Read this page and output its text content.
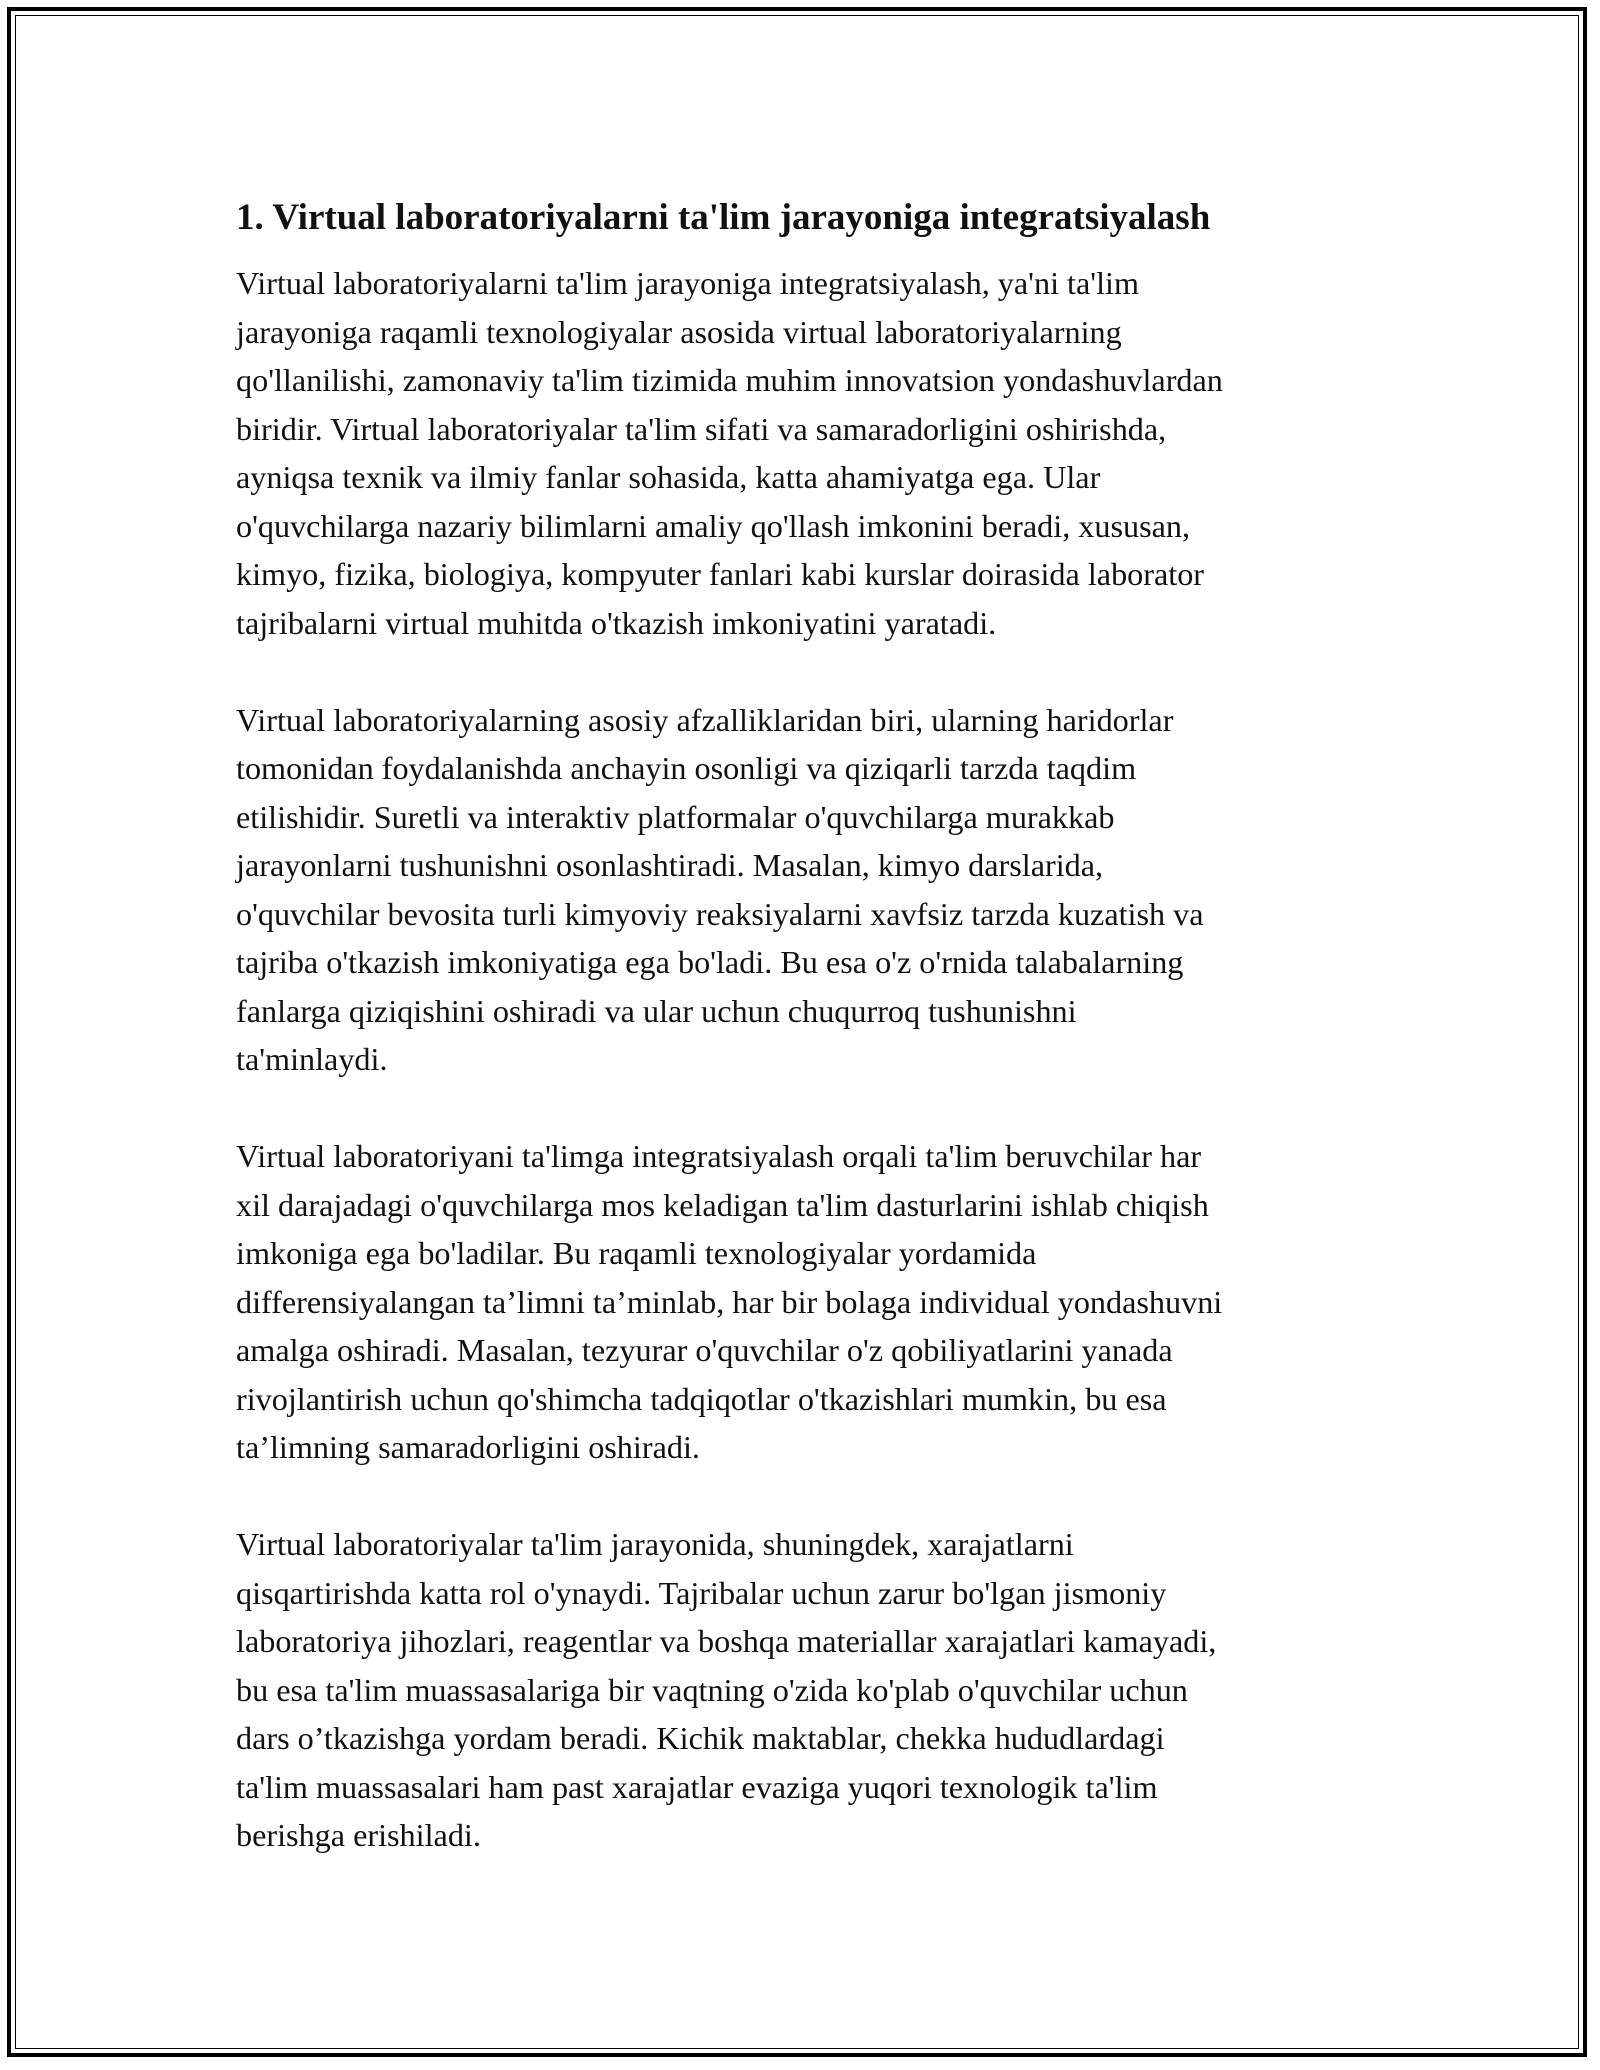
1. Virtual laboratoriyalarni ta'lim jarayoniga integratsiyalash
Virtual laboratoriyalarni ta'lim jarayoniga integratsiyalash, ya'ni ta'lim
jarayoniga raqamli texnologiyalar asosida virtual laboratoriyalarning
qo'llanilishi, zamonaviy ta'lim tizimida muhim innovatsion yondashuvlardan
biridir. Virtual laboratoriyalar ta'lim sifati va samaradorligini oshirishda,
ayniqsa texnik va ilmiy fanlar sohasida, katta ahamiyatga ega. Ular
o'quvchilarga nazariy bilimlarni amaliy qo'llash imkonini beradi, xususan,
kimyo, fizika, biologiya, kompyuter fanlari kabi kurslar doirasida laborator
tajribalarni virtual muhitda o'tkazish imkoniyatini yaratadi.
Virtual laboratoriyalarning asosiy afzalliklaridan biri, ularning haridorlar
tomonidan foydalanishda anchayin osonligi va qiziqarli tarzda taqdim
etilishidir. Suretli va interaktiv platformalar o'quvchilarga murakkab
jarayonlarni tushunishni osonlashtiradi. Masalan, kimyo darslarida,
o'quvchilar bevosita turli kimyoviy reaksiyalarni xavfsiz tarzda kuzatish va
tajriba o'tkazish imkoniyatiga ega bo'ladi. Bu esa o'z o'rnida talabalarning
fanlarga qiziqishini oshiradi va ular uchun chuqurroq tushunishni
ta'minlaydi.
Virtual laboratoriyani ta'limga integratsiyalash orqali ta'lim beruvchilar har
xil darajadagi o'quvchilarga mos keladigan ta'lim dasturlarini ishlab chiqish
imkoniga ega bo'ladilar. Bu raqamli texnologiyalar yordamida
differensiyalangan ta’limni ta’minlab, har bir bolaga individual yondashuvni
amalga oshiradi. Masalan, tezyurar o'quvchilar o'z qobiliyatlarini yanada
rivojlantirish uchun qo'shimcha tadqiqotlar o'tkazishlari mumkin, bu esa
ta’limning samaradorligini oshiradi.
Virtual laboratoriyalar ta'lim jarayonida, shuningdek, xarajatlarni
qisqartirishda katta rol o'ynaydi. Tajribalar uchun zarur bo'lgan jismoniy
laboratoriya jihozlari, reagentlar va boshqa materiallar xarajatlari kamayadi,
bu esa ta'lim muassasalariga bir vaqtning o'zida ko'plab o'quvchilar uchun
dars o’tkazishga yordam beradi. Kichik maktablar, chekka hududlardagi
ta'lim muassasalari ham past xarajatlar evaziga yuqori texnologik ta'lim
berishga erishiladi.
